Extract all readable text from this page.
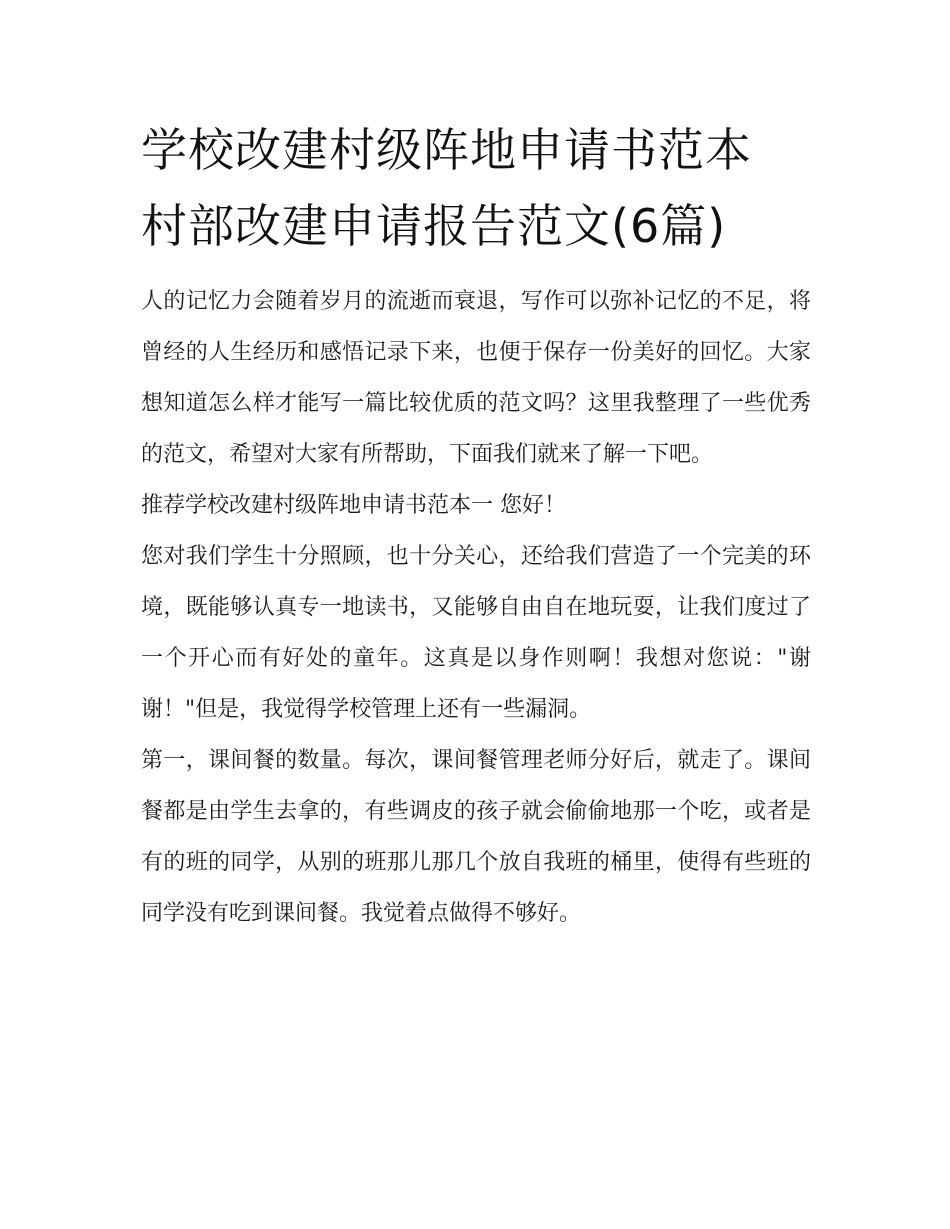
学校改建村级阵地申请书范本
村部改建申请报告范文(6篇)

人的记忆力会随着岁月的流逝而衰退，写作可以弥补记忆的不足，将曾经的人生经历和感悟记录下来，也便于保存一份美好的回忆。大家想知道怎么样才能写一篇比较优质的范文吗？这里我整理了一些优秀的范文，希望对大家有所帮助，下面我们就来了解一下吧。

推荐学校改建村级阵地申请书范本一 您好！

您对我们学生十分照顾，也十分关心，还给我们营造了一个完美的环境，既能够认真专一地读书，又能够自由自在地玩耍，让我们度过了一个开心而有好处的童年。这真是以身作则啊！我想对您说："谢谢！"但是，我觉得学校管理上还有一些漏洞。

第一，课间餐的数量。每次，课间餐管理老师分好后，就走了。课间餐都是由学生去拿的，有些调皮的孩子就会偷偷地那一个吃，或者是有的班的同学，从别的班那儿那几个放自我班的桶里，使得有些班的同学没有吃到课间餐。我觉着点做得不够好。
